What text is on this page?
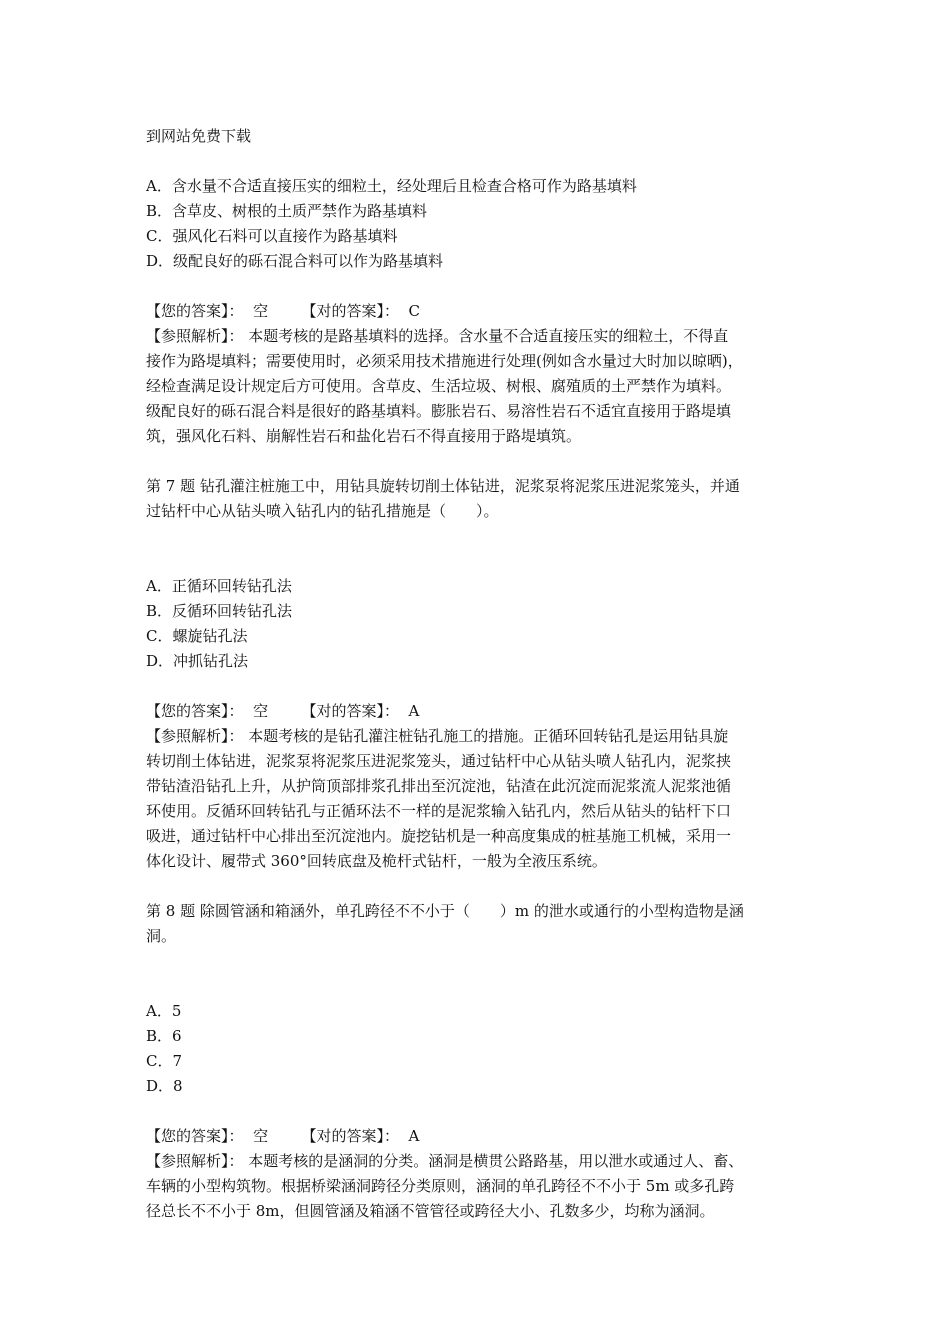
到网站免费下载
A．含水量不合适直接压实的细粒土，经处理后且检查合格可作为路基填料
B．含草皮、树根的土质严禁作为路基填料
C．强风化石料可以直接作为路基填料
D．级配良好的砾石混合料可以作为路基填料
【您的答案】： 空 【对的答案】： C
【参照解析】： 本题考核的是路基填料的选择。含水量不合适直接压实的细粒土，不得直
接作为路堤填料；需要使用时，必须采用技术措施进行处理(例如含水量过大时加以晾晒)，
经检查满足设计规定后方可使用。含草皮、生活垃圾、树根、腐殖质的土严禁作为填料。
级配良好的砾石混合料是很好的路基填料。膨胀岩石、易溶性岩石不适宜直接用于路堤填
筑，强风化石料、崩解性岩石和盐化岩石不得直接用于路堤填筑。
第 7 题 钻孔灌注桩施工中，用钻具旋转切削土体钻进，泥浆泵将泥浆压进泥浆笼头，并通
过钻杆中心从钻头喷入钻孔内的钻孔措施是（　　）。
A．正循环回转钻孔法
B．反循环回转钻孔法
C．螺旋钻孔法
D．冲抓钻孔法
【您的答案】： 空 【对的答案】： A
【参照解析】： 本题考核的是钻孔灌注桩钻孔施工的措施。正循环回转钻孔是运用钻具旋
转切削土体钻进，泥浆泵将泥浆压进泥浆笼头，通过钻杆中心从钻头喷人钻孔内，泥浆挟
带钻渣沿钻孔上升，从护筒顶部排浆孔排出至沉淀池，钻渣在此沉淀而泥浆流人泥浆池循
环使用。反循环回转钻孔与正循环法不一样的是泥浆输入钻孔内，然后从钻头的钻杆下口
吸进，通过钻杆中心排出至沉淀池内。旋挖钻机是一种高度集成的桩基施工机械，采用一
体化设计、履带式 360°回转底盘及桅杆式钻杆，一般为全液压系统。
第 8 题 除圆管涵和箱涵外，单孔跨径不不小于（　　）m 的泄水或通行的小型构造物是涵
洞。
A．5
B．6
C．7
D．8
【您的答案】： 空 【对的答案】： A
【参照解析】： 本题考核的是涵洞的分类。涵洞是横贯公路路基，用以泄水或通过人、畜、
车辆的小型构筑物。根据桥梁涵洞跨径分类原则，涵洞的单孔跨径不不小于 5m 或多孔跨
径总长不不小于 8m，但圆管涵及箱涵不管管径或跨径大小、孔数多少，均称为涵洞。
